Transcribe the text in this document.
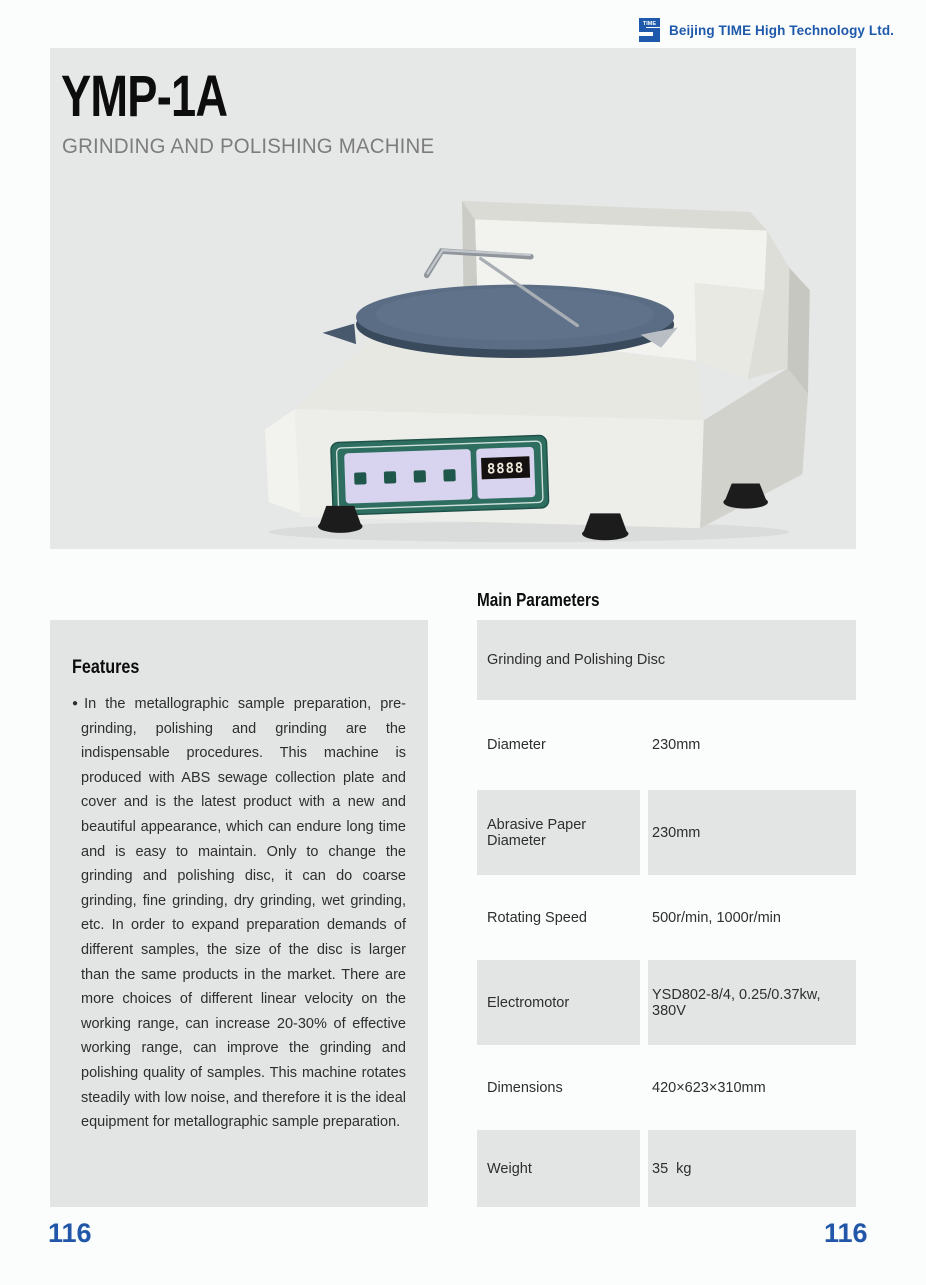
TIME Beijing TIME High Technology Ltd.
YMP-1A
GRINDING AND POLISHING MACHINE
8888
Features

●In the metallographic sample preparation, pre-grinding, polishing and grinding are the indispensable procedures. This machine is produced with ABS sewage collection plate and cover and is the latest product with a new and beautiful appearance, which can endure long time and is easy to maintain. Only to change the grinding and polishing disc, it can do coarse grinding, fine grinding, dry grinding, wet grinding, etc. In order to expand preparation demands of different samples, the size of the disc is larger than the same products in the market. There are more choices of different linear velocity on the working range, can increase 20-30% of effective working range, can improve the grinding and polishing quality of samples. This machine rotates steadily with low noise, and therefore it is the ideal equipment for metallographic sample preparation.

Main Parameters
Grinding and Polishing Disc
Diameter	230mm
Abrasive Paper Diameter	230mm
Rotating Speed	500r/min, 1000r/min
Electromotor	YSD802-8/4, 0.25/0.37kw, 380V
Dimensions	420×623×310mm
Weight	35  kg
116	116
